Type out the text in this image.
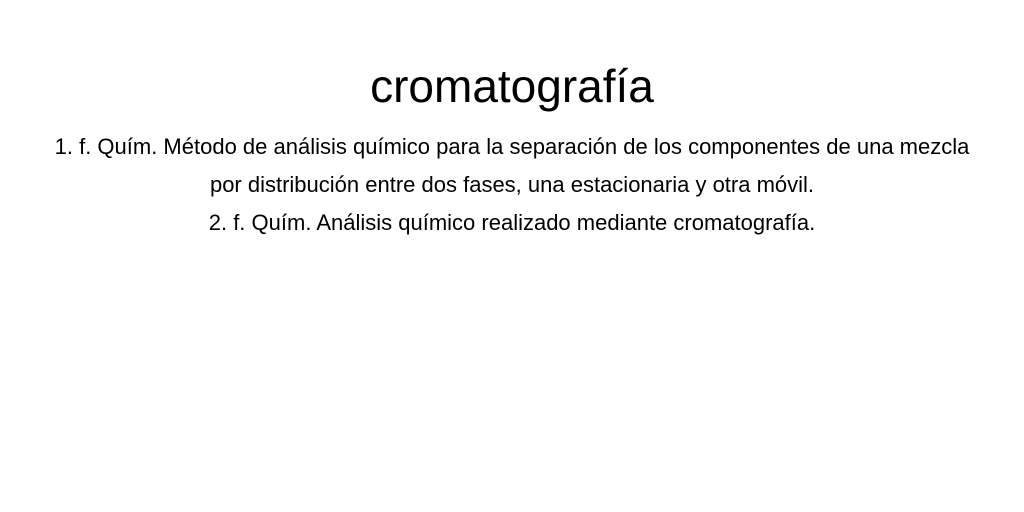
cromatografía
1. f. Quím. Método de análisis químico para la separación de los componentes de una mezcla por distribución entre dos fases, una estacionaria y otra móvil.
2. f. Quím. Análisis químico realizado mediante cromatografía.
